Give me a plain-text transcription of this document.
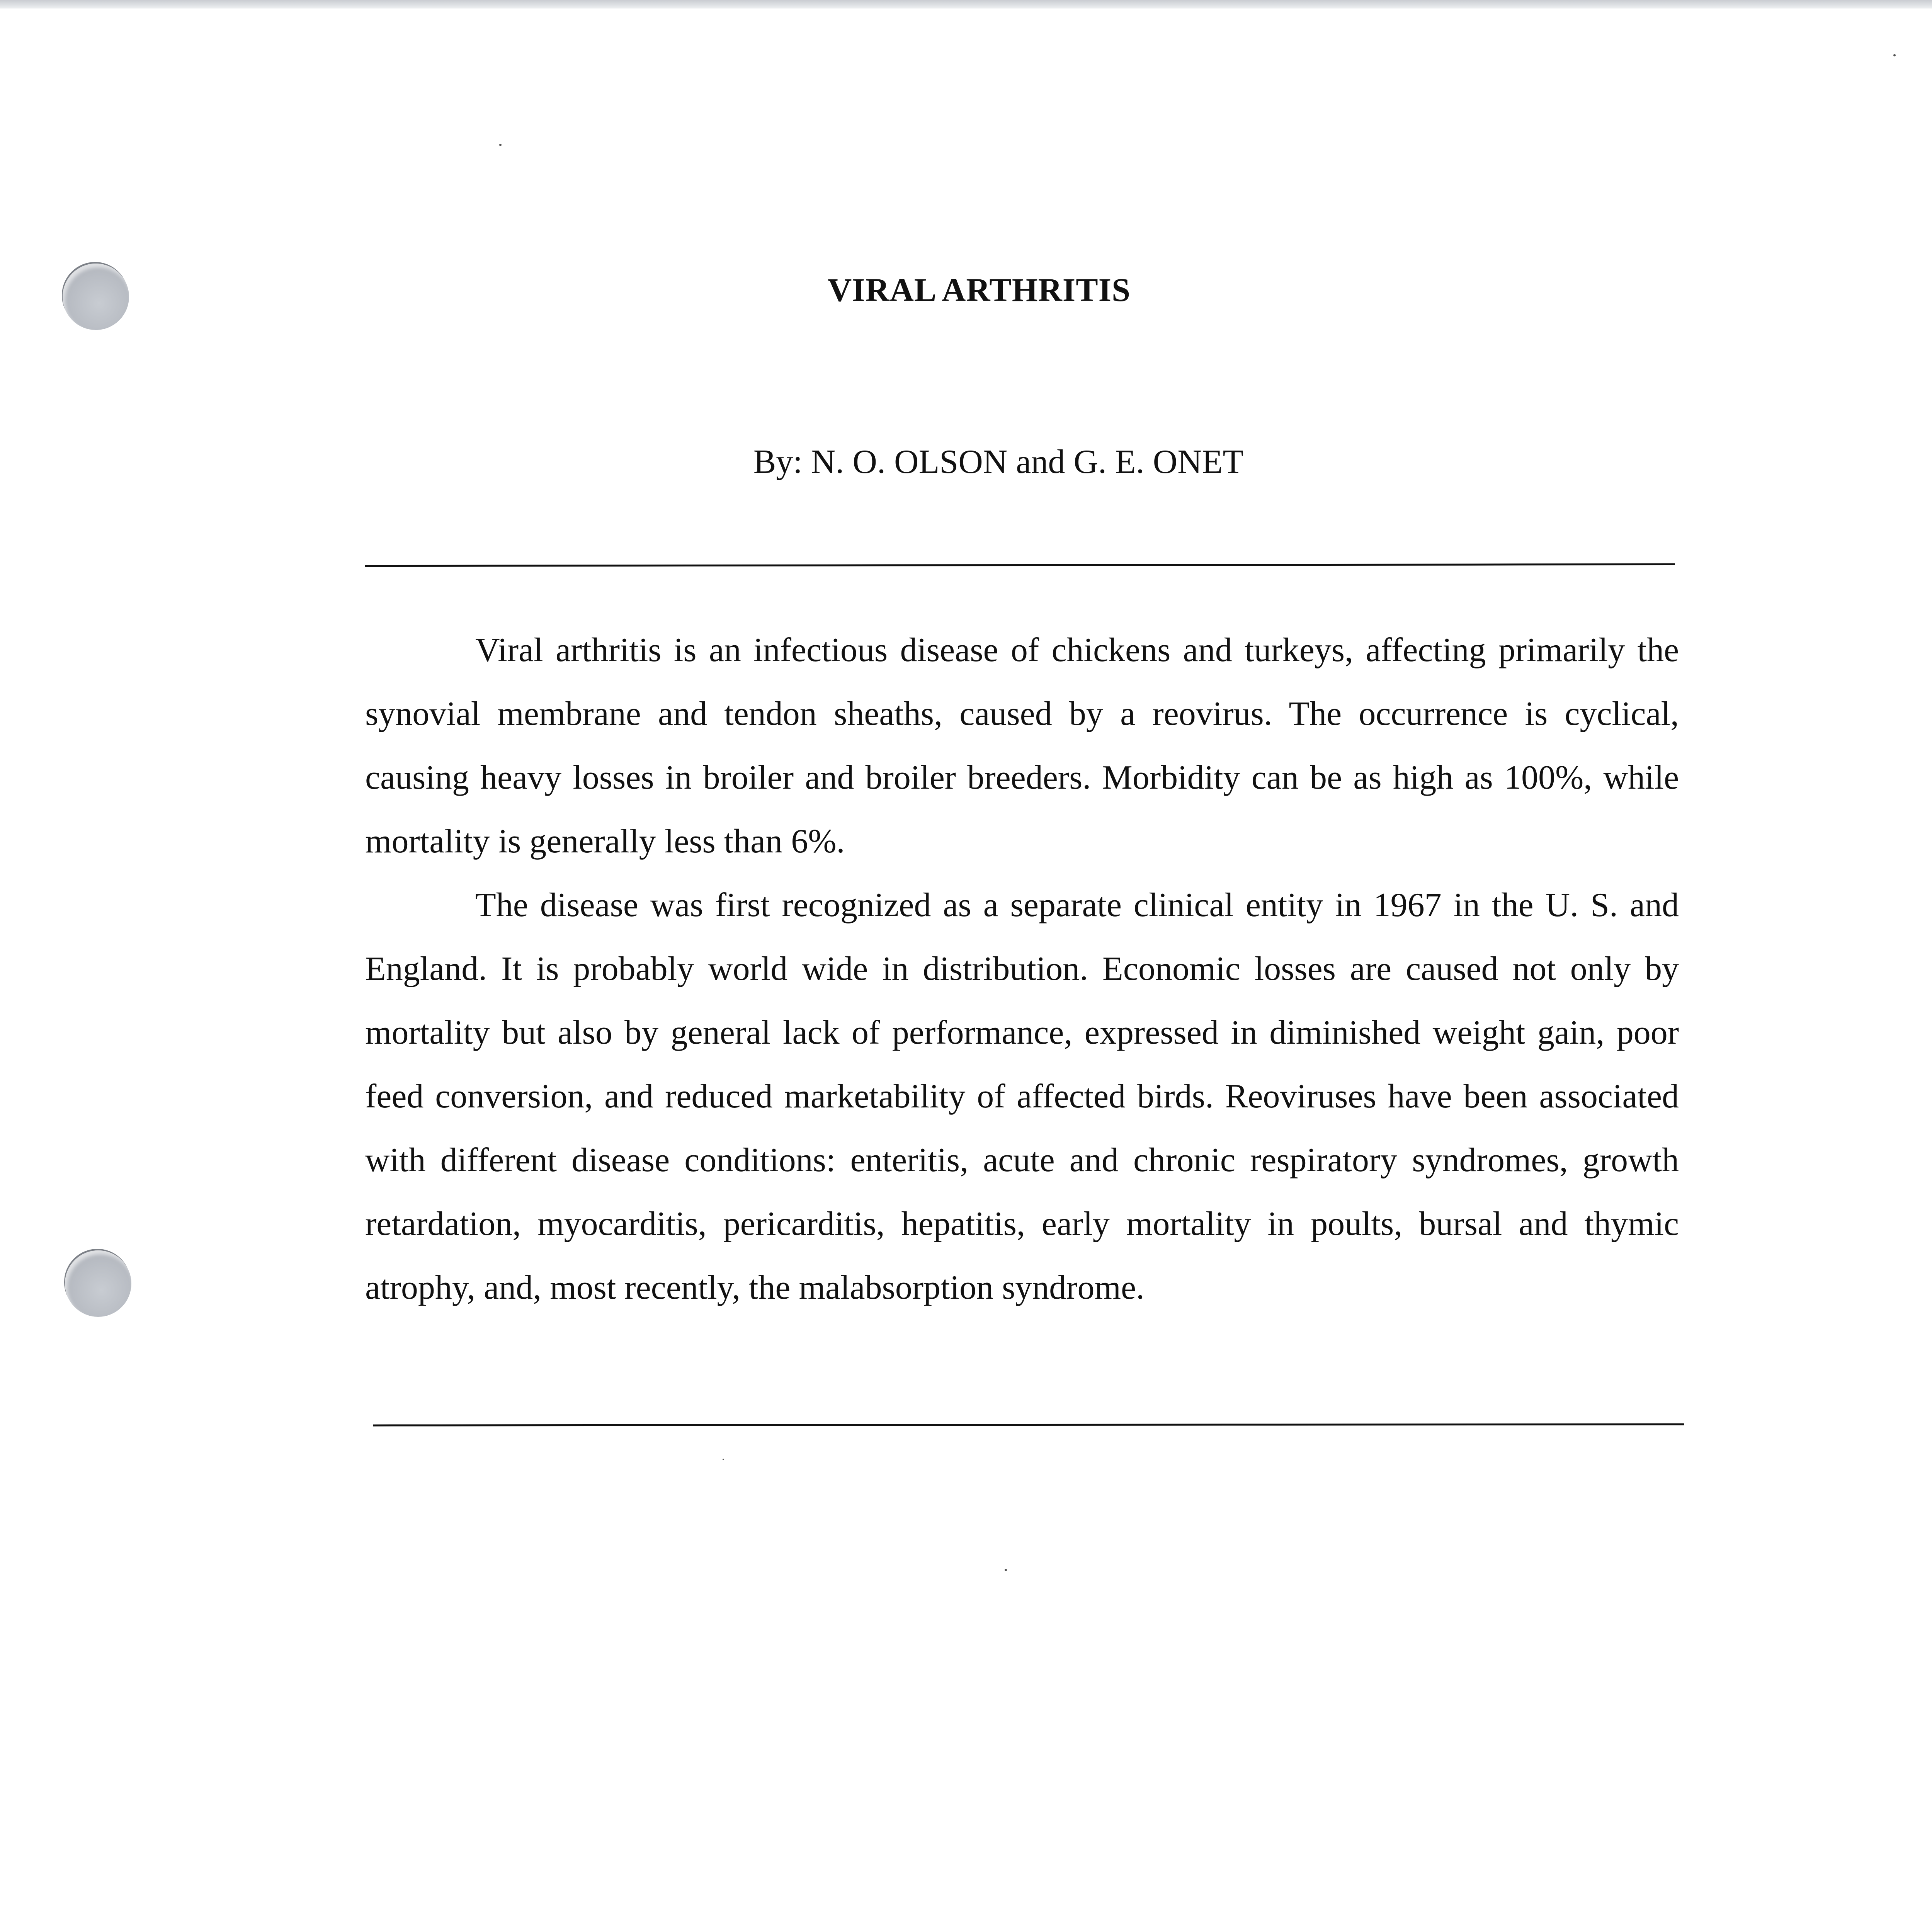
VIRAL ARTHRITIS
By: N. O. OLSON and G. E. ONET

Viral arthritis is an infectious disease of chickens and turkeys, affecting primarily the synovial membrane and tendon sheaths, caused by a reovirus. The occurrence is cyclical, causing heavy losses in broiler and broiler breeders. Morbidity can be as high as 100%, while mortality is generally less than 6%.

The disease was first recognized as a separate clinical entity in 1967 in the U. S. and England. It is probably world wide in distribution. Economic losses are caused not only by mortality but also by general lack of performance, expressed in diminished weight gain, poor feed conversion, and reduced marketability of affected birds. Reoviruses have been associated with different disease conditions: enteritis, acute and chronic respiratory syndromes, growth retardation, myocarditis, pericarditis, hepatitis, early mortality in poults, bursal and thymic atrophy, and, most recently, the malabsorption syndrome.
